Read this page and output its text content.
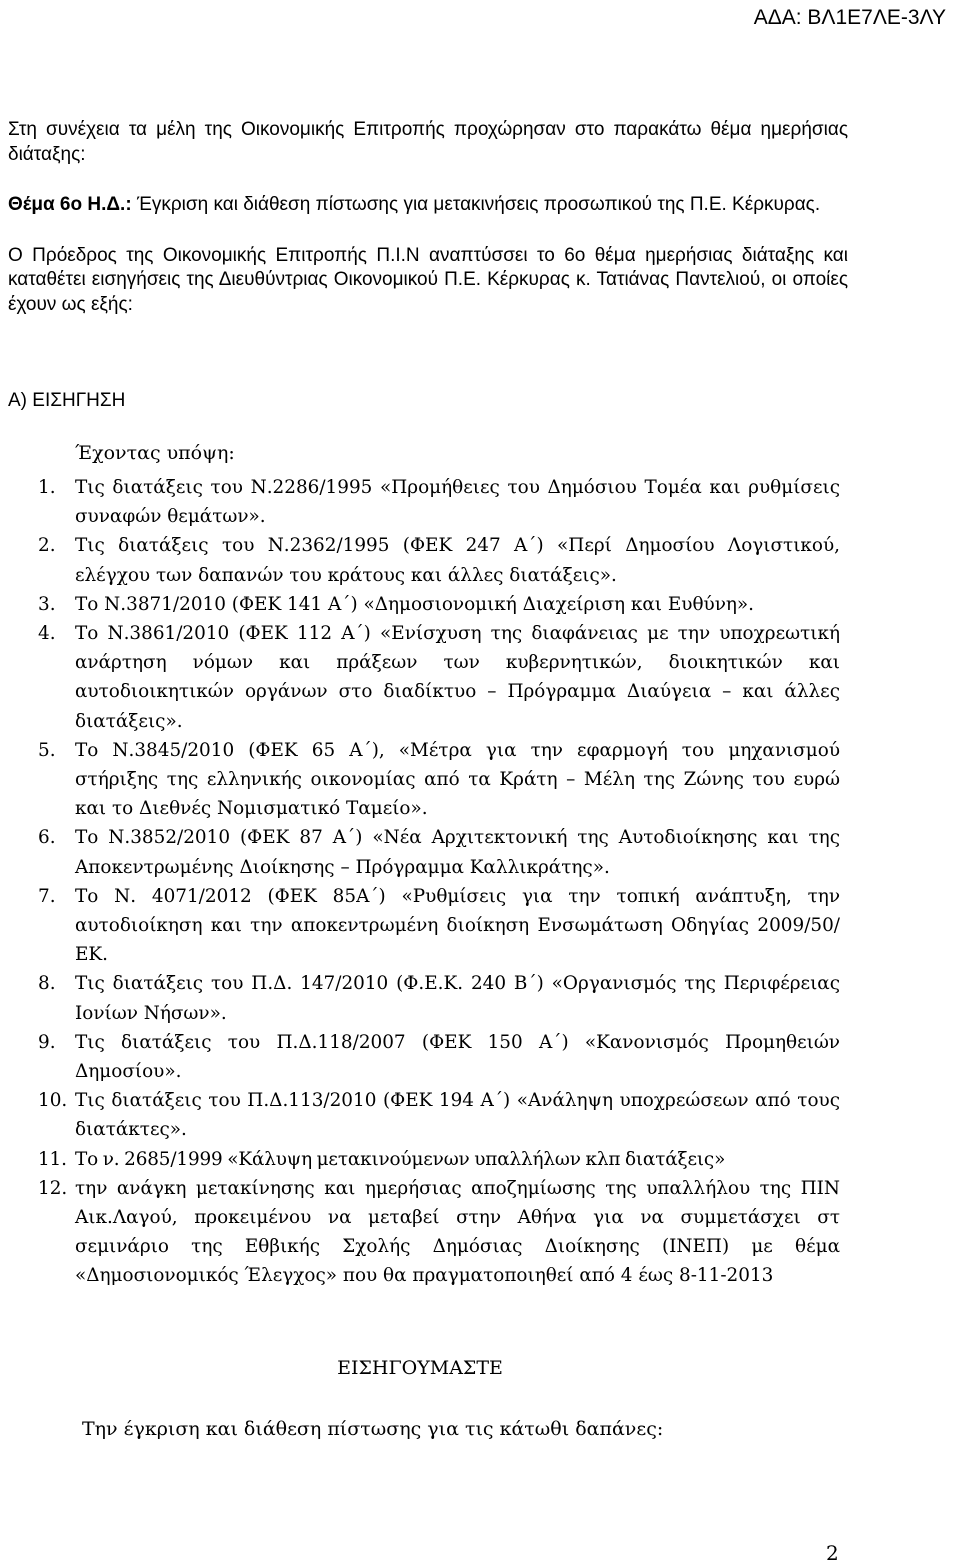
ΑΔΑ: ΒΛ1Ε7ΛΕ-3ΛΥ

Στη συνέχεια τα μέλη της Οικονομικής Επιτροπής προχώρησαν στο παρακάτω θέμα ημερήσιας διάταξης:

Θέμα 6ο Η.Δ.: Έγκριση και διάθεση πίστωσης για μετακινήσεις προσωπικού της Π.Ε. Κέρκυρας.

Ο Πρόεδρος της Οικονομικής Επιτροπής Π.Ι.Ν αναπτύσσει το 6ο θέμα ημερήσιας διάταξης και καταθέτει εισηγήσεις της Διευθύντριας Οικονομικού Π.Ε. Κέρκυρας κ. Τατιάνας Παντελιού, οι οποίες έχουν ως εξής:

Α) ΕΙΣΗΓΗΣΗ
Έχοντας υπόψη:
1. Τις διατάξεις του Ν.2286/1995 «Προμήθειες του Δημόσιου Τομέα και ρυθμίσεις συναφών θεμάτων».
2. Τις διατάξεις του Ν.2362/1995 (ΦΕΚ 247 Α΄) «Περί Δημοσίου Λογιστικού, ελέγχου των δαπανών του κράτους και άλλες διατάξεις».
3. Το Ν.3871/2010 (ΦΕΚ 141 Α΄) «Δημοσιονομική Διαχείριση και Ευθύνη».
4. Το Ν.3861/2010 (ΦΕΚ 112 Α΄) «Ενίσχυση της διαφάνειας με την υποχρεωτική ανάρτηση νόμων και πράξεων των κυβερνητικών, διοικητικών και αυτοδιοικητικών οργάνων στο διαδίκτυο – Πρόγραμμα Διαύγεια – και άλλες διατάξεις».
5. Το Ν.3845/2010 (ΦΕΚ 65 Α΄), «Μέτρα για την εφαρμογή του μηχανισμού στήριξης της ελληνικής οικονομίας από τα Κράτη – Μέλη της Ζώνης του ευρώ και το Διεθνές Νομισματικό Ταμείο».
6. Το Ν.3852/2010 (ΦΕΚ 87 Α΄) «Νέα Αρχιτεκτονική της Αυτοδιοίκησης και της Αποκεντρωμένης Διοίκησης – Πρόγραμμα Καλλικράτης».
7. Το Ν. 4071/2012 (ΦΕΚ 85Α΄) «Ρυθμίσεις για την τοπική ανάπτυξη, την αυτοδιοίκηση και την αποκεντρωμένη διοίκηση Ενσωμάτωση Οδηγίας 2009/50/ΕΚ.
8. Τις διατάξεις του Π.Δ. 147/2010 (Φ.Ε.Κ. 240 Β΄) «Οργανισμός της Περιφέρειας Ιονίων Νήσων».
9. Τις διατάξεις του Π.Δ.118/2007 (ΦΕΚ 150 Α΄) «Κανονισμός Προμηθειών Δημοσίου».
10. Τις διατάξεις του Π.Δ.113/2010 (ΦΕΚ 194 Α΄) «Ανάληψη υποχρεώσεων από τους διατάκτες».
11. Το ν. 2685/1999 «Κάλυψη μετακινούμενων υπαλλήλων κλπ διατάξεις»
12. την ανάγκη μετακίνησης και ημερήσιας αποζημίωσης της υπαλλήλου της ΠΙΝ Αικ.Λαγού, προκειμένου να μεταβεί στην Αθήνα για να συμμετάσχει στ σεμινάριο της Εθβικής Σχολής Δημόσιας Διοίκησης (ΙΝΕΠ) με θέμα «Δημοσιονομικός Έλεγχος» που θα πραγματοποιηθεί από 4 έως 8-11-2013
ΕΙΣΗΓΟΥΜΑΣΤΕ
Την έγκριση και διάθεση πίστωσης για τις κάτωθι δαπάνες:
2
